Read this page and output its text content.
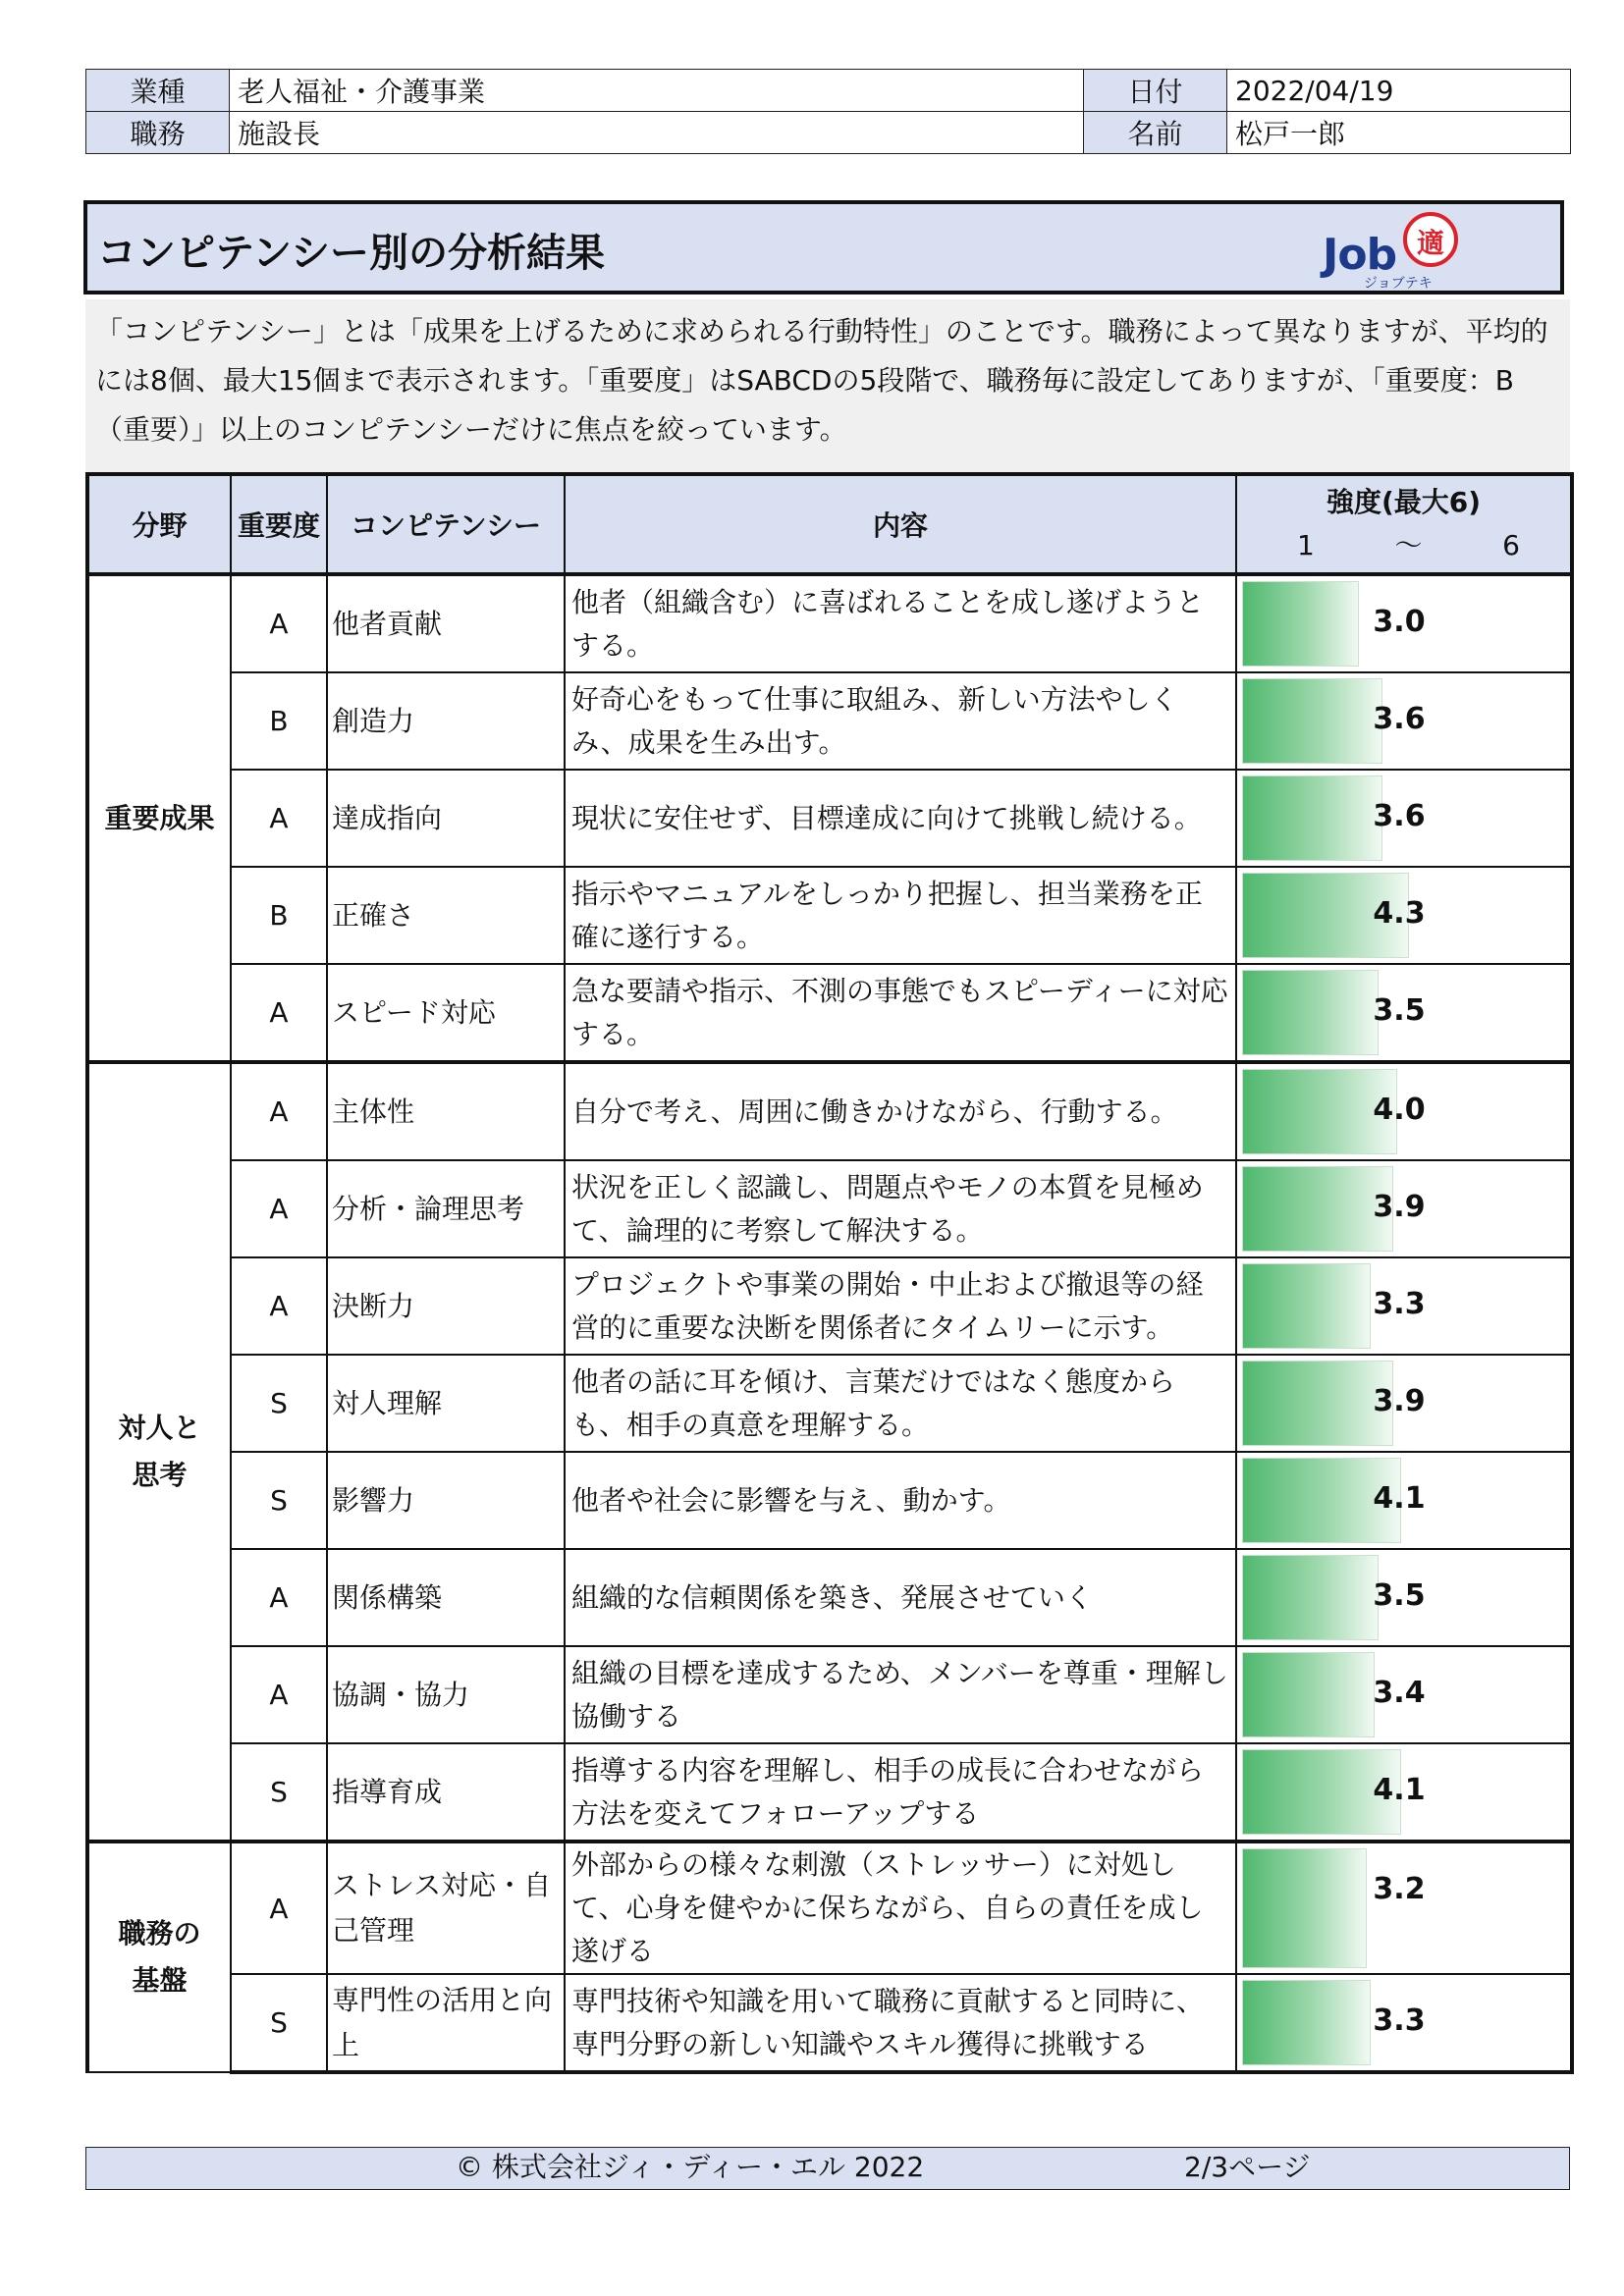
業種	老人福祉・介護事業	日付	2022/04/19
職務	施設長	名前	松戸一郎
コンピテンシー別の分析結果	Job 適
ジョブテキ
「コンピテンシー」とは「成果を上げるために求められる行動特性」のことです。職務によって異なりますが、平均的には8個、最大15個まで表示されます。「重要度」はSABCDの5段階で、職務毎に設定してありますが、「重要度：B（重要）」以上のコンピテンシーだけに焦点を絞っています。
分野	重要度	コンピテンシー	内容	強度(最大6)
1 ～ 6

重要成果	A	他者貢献	他者（組織含む）に喜ばれることを成し遂げようとする。	3.0

	B	創造力	好奇心をもって仕事に取組み、新しい方法やしくみ、成果を生み出す。	3.6

	A	達成指向	現状に安住せず、目標達成に向けて挑戦し続ける。	3.6

	B	正確さ	指示やマニュアルをしっかり把握し、担当業務を正確に遂行する。	4.3

	A	スピード対応	急な要請や指示、不測の事態でもスピーディーに対応する。	3.5

対人と思考	A	主体性	自分で考え、周囲に働きかけながら、行動する。	4.0

	A	分析・論理思考	状況を正しく認識し、問題点やモノの本質を見極めて、論理的に考察して解決する。	3.9

	A	決断力	プロジェクトや事業の開始・中止および撤退等の経営的に重要な決断を関係者にタイムリーに示す。	3.3

	S	対人理解	他者の話に耳を傾け、言葉だけではなく態度からも、相手の真意を理解する。	3.9

	S	影響力	他者や社会に影響を与え、動かす。	4.1

	A	関係構築	組織的な信頼関係を築き、発展させていく	3.5

	A	協調・協力	組織の目標を達成するため、メンバーを尊重・理解し協働する	3.4

	S	指導育成	指導する内容を理解し、相手の成長に合わせながら方法を変えてフォローアップする	4.1

職務の基盤	A	ストレス対応・自己管理	外部からの様々な刺激（ストレッサー）に対処して、心身を健やかに保ちながら、自らの責任を成し遂げる	3.2

	S	専門性の活用と向上	専門技術や知識を用いて職務に貢献すると同時に、専門分野の新しい知識やスキル獲得に挑戦する	3.3
© 株式会社ジィ・ディー・エル 2022	2/3ページ
